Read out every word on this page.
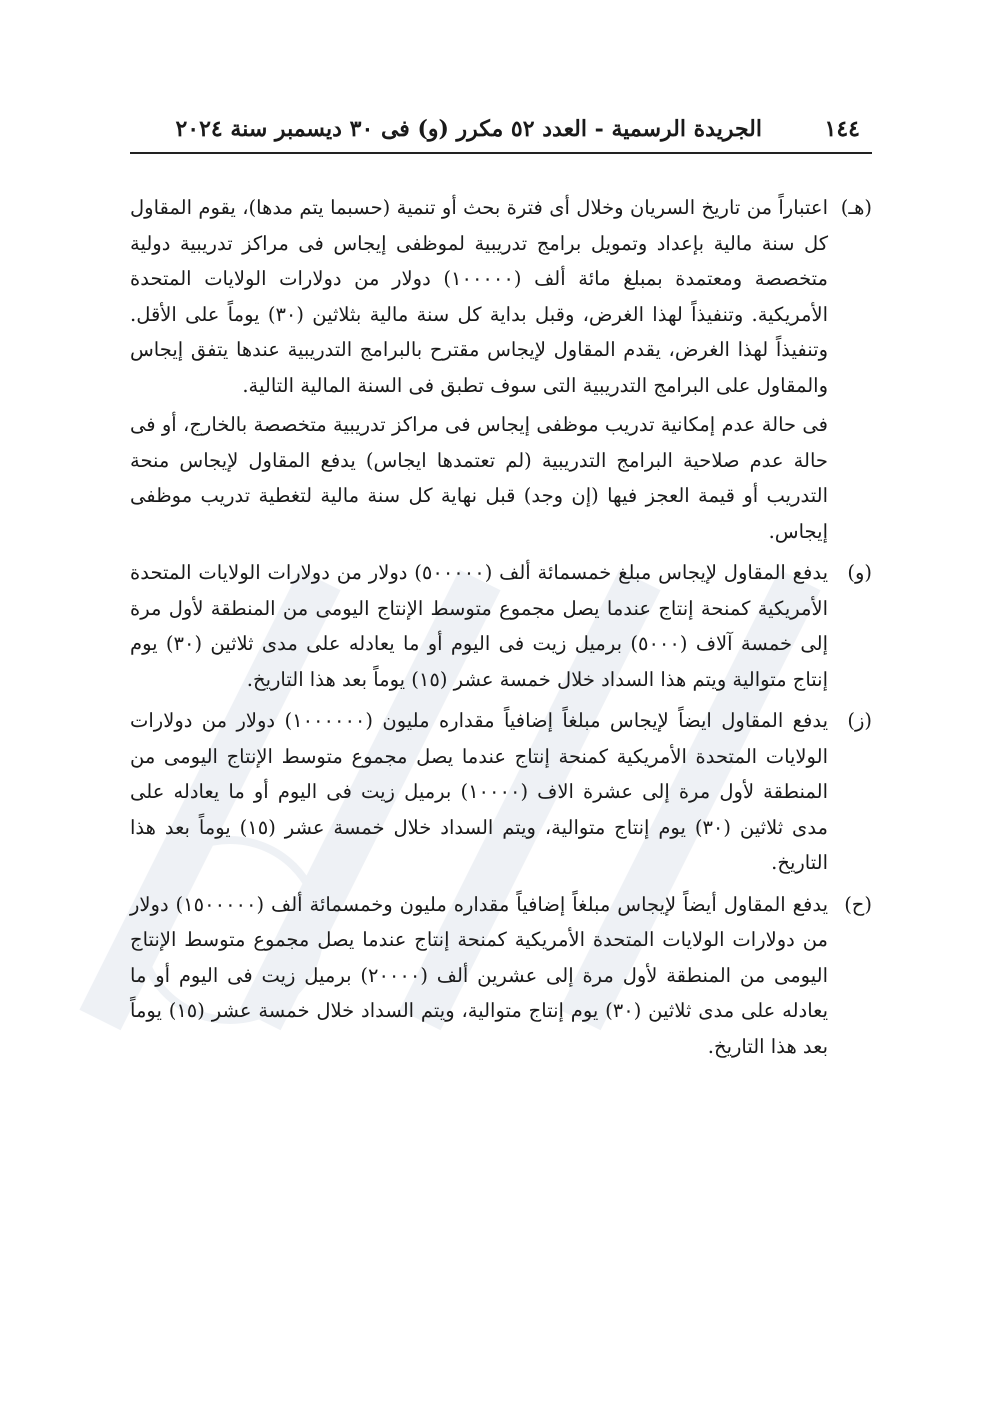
١٤٤
الجريدة الرسمية - العدد ٥٢ مكرر (و) فى ٣٠ ديسمبر سنة ٢٠٢٤
(هـ)

اعتباراً من تاريخ السريان وخلال أى فترة بحث أو تنمية (حسبما يتم مدها)، يقوم المقاول كل سنة مالية بإعداد وتمويل برامج تدريبية لموظفى إيجاس فى مراكز تدريبية دولية متخصصة ومعتمدة بمبلغ مائة ألف (١٠٠٠٠٠) دولار من دولارات الولايات المتحدة الأمريكية. وتنفيذاً لهذا الغرض، وقبل بداية كل سنة مالية بثلاثين (٣٠) يوماً على الأقل. وتنفيذاً لهذا الغرض، يقدم المقاول لإيجاس مقترح بالبرامج التدريبية عندها يتفق إيجاس والمقاول على البرامج التدريبية التى سوف تطبق فى السنة المالية التالية.

فى حالة عدم إمكانية تدريب موظفى إيجاس فى مراكز تدريبية متخصصة بالخارج، أو فى حالة عدم صلاحية البرامج التدريبية (لم تعتمدها ايجاس) يدفع المقاول لإيجاس منحة التدريب أو قيمة العجز فيها (إن وجد) قبل نهاية كل سنة مالية لتغطية تدريب موظفى إيجاس.

(و)

يدفع المقاول لإيجاس مبلغ خمسمائة ألف (٥٠٠٠٠٠) دولار من دولارات الولايات المتحدة الأمريكية كمنحة إنتاج عندما يصل مجموع متوسط الإنتاج اليومى من المنطقة لأول مرة إلى خمسة آلاف (٥٠٠٠) برميل زيت فى اليوم أو ما يعادله على مدى ثلاثين (٣٠) يوم إنتاج متوالية ويتم هذا السداد خلال خمسة عشر (١٥) يوماً بعد هذا التاريخ.

(ز)

يدفع المقاول ايضاً لإيجاس مبلغاً إضافياً مقداره مليون (١٠٠٠٠٠٠) دولار من دولارات الولايات المتحدة الأمريكية كمنحة إنتاج عندما يصل مجموع متوسط الإنتاج اليومى من المنطقة لأول مرة إلى عشرة الاف (١٠٠٠٠) برميل زيت فى اليوم أو ما يعادله على مدى ثلاثين (٣٠) يوم إنتاج متوالية، ويتم السداد خلال خمسة عشر (١٥) يوماً بعد هذا التاريخ.

(ح)

يدفع المقاول أيضاً لإيجاس مبلغاً إضافياً مقداره مليون وخمسمائة ألف (١٥٠٠٠٠٠) دولار من دولارات الولايات المتحدة الأمريكية كمنحة إنتاج عندما يصل مجموع متوسط الإنتاج اليومى من المنطقة لأول مرة إلى عشرين ألف (٢٠٠٠٠) برميل زيت فى اليوم أو ما يعادله على مدى ثلاثين (٣٠) يوم إنتاج متوالية، ويتم السداد خلال خمسة عشر (١٥) يوماً بعد هذا التاريخ.
